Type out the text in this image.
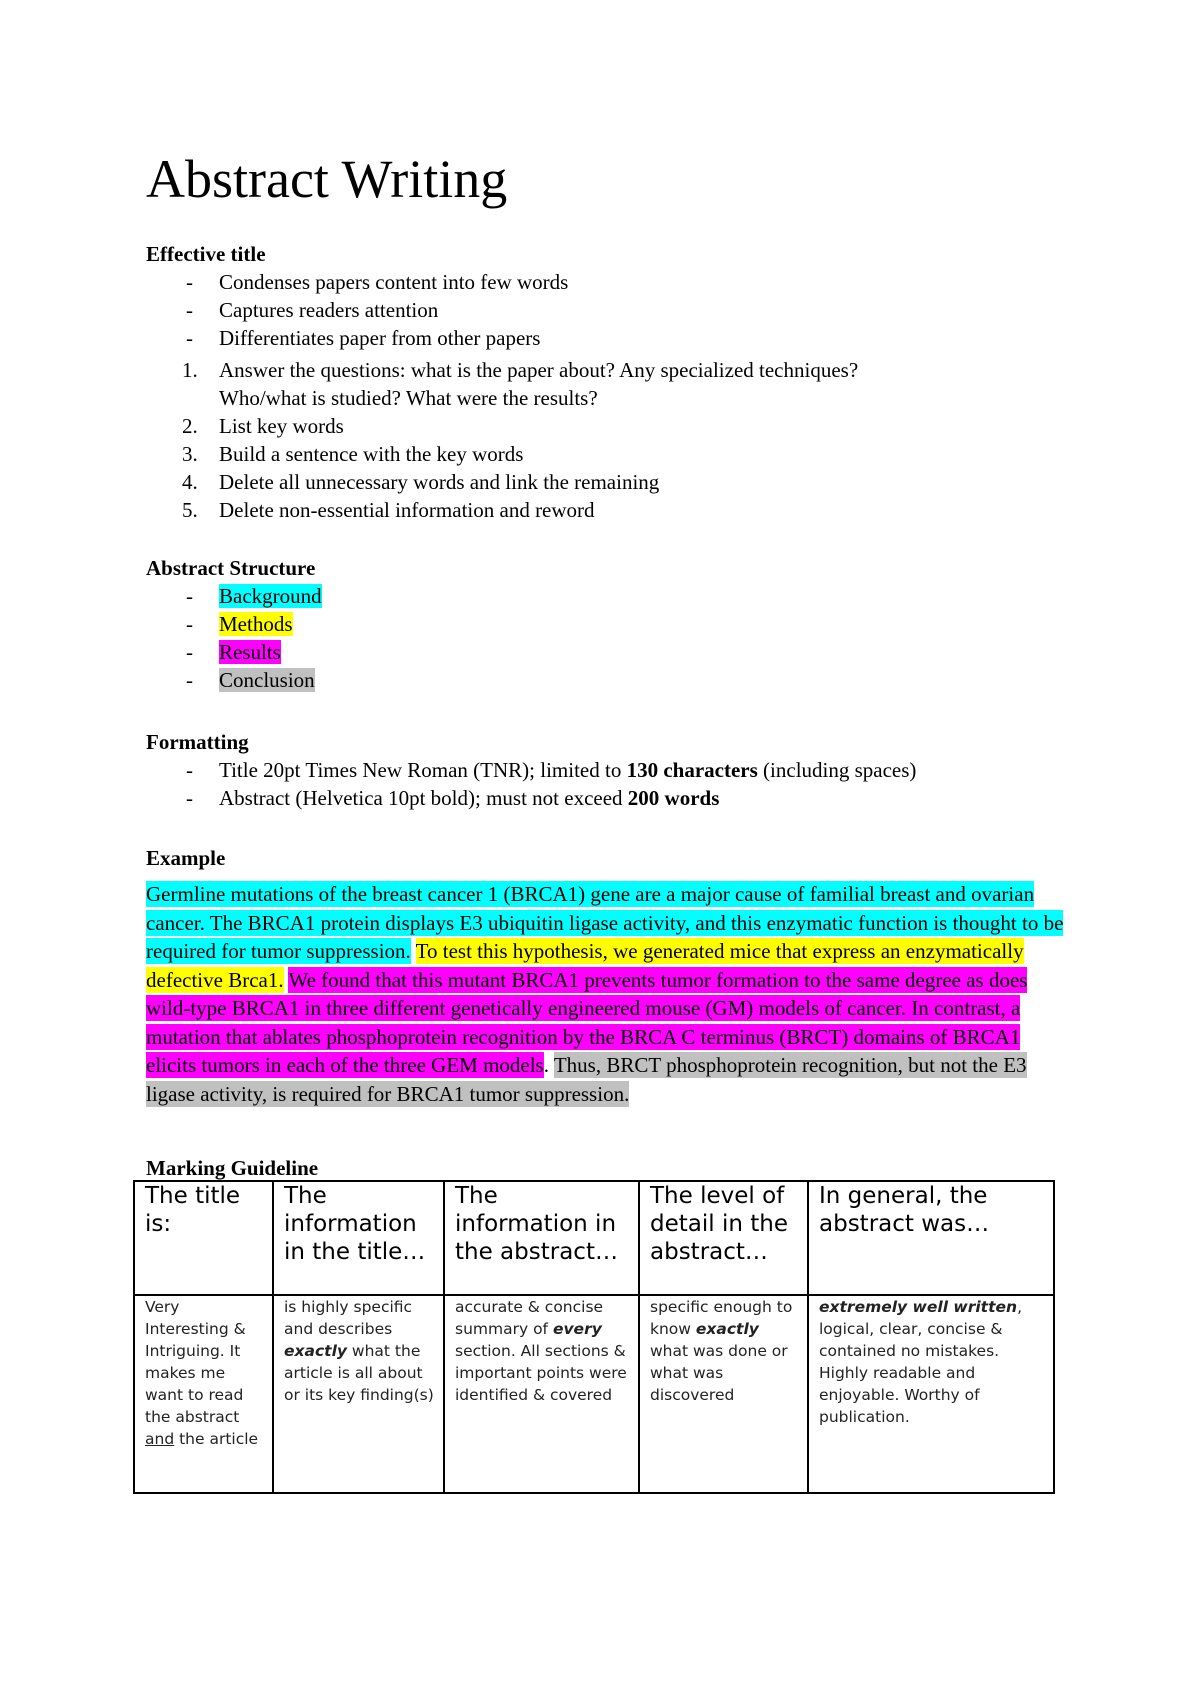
Abstract Writing
Effective title
-	Condenses papers content into few words
-	Captures readers attention
-	Differentiates paper from other papers
1.	Answer the questions: what is the paper about? Any specialized techniques?
Who/what is studied? What were the results?
2.	List key words
3.	Build a sentence with the key words
4.	Delete all unnecessary words and link the remaining
5.	Delete non-essential information and reword
Abstract Structure
-	Background
-	Methods
-	Results
-	Conclusion
Formatting
-	Title 20pt Times New Roman (TNR); limited to 130 characters (including spaces)
-	Abstract (Helvetica 10pt bold); must not exceed 200 words
Example

Germline mutations of the breast cancer 1 (BRCA1) gene are a major cause of familial breast and ovarian cancer. The BRCA1 protein displays E3 ubiquitin ligase activity, and this enzymatic function is thought to be required for tumor suppression. To test this hypothesis, we generated mice that express an enzymatically defective Brca1. We found that this mutant BRCA1 prevents tumor formation to the same degree as does wild-type BRCA1 in three different genetically engineered mouse (GM) models of cancer. In contrast, a mutation that ablates phosphoprotein recognition by the BRCA C terminus (BRCT) domains of BRCA1 elicits tumors in each of the three GEM models. Thus, BRCT phosphoprotein recognition, but not the E3 ligase activity, is required for BRCA1 tumor suppression.

Marking Guideline
The title is:	The information in the title…	The information in the abstract…	The level of detail in the abstract…	In general, the abstract was…
Very Interesting & Intriguing. It makes me want to read the abstract and the article	is highly specific and describes exactly what the article is all about or its key finding(s)	accurate & concise summary of every section. All sections & important points were identified & covered	specific enough to know exactly what was done or what was discovered	extremely well written, logical, clear, concise & contained no mistakes. Highly readable and enjoyable. Worthy of publication.
